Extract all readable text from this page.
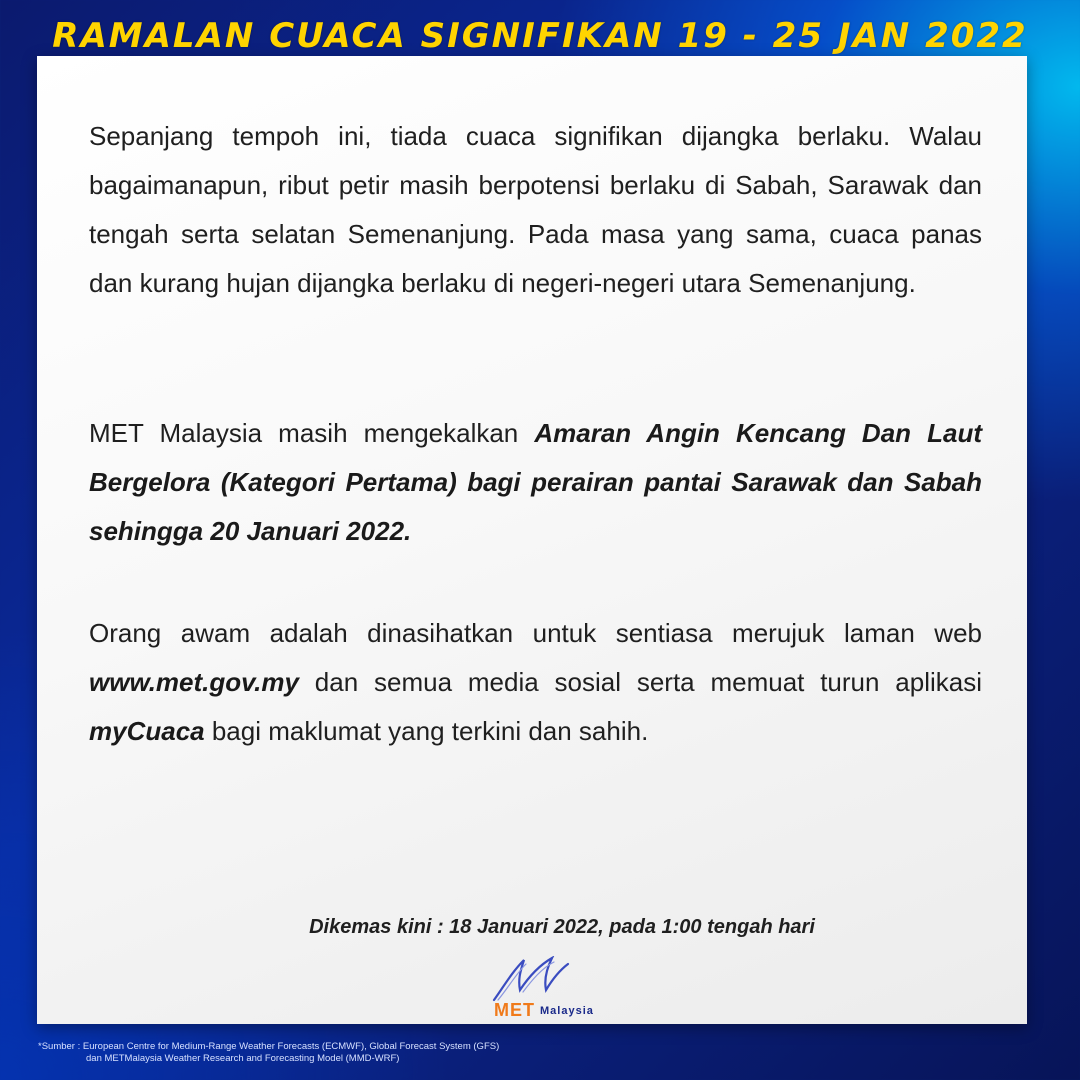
RAMALAN CUACA SIGNIFIKAN 19 - 25 JAN 2022

Sepanjang tempoh ini, tiada cuaca signifikan dijangka berlaku. Walau bagaimanapun, ribut petir masih berpotensi berlaku di Sabah, Sarawak dan tengah serta selatan Semenanjung. Pada masa yang sama, cuaca panas dan kurang hujan dijangka berlaku di negeri-negeri utara Semenanjung.

MET Malaysia masih mengekalkan Amaran Angin Kencang Dan Laut Bergelora (Kategori Pertama) bagi perairan pantai Sarawak dan Sabah sehingga 20 Januari 2022.

Orang awam adalah dinasihatkan untuk sentiasa merujuk laman web www.met.gov.my dan semua media sosial serta memuat turun aplikasi myCuaca bagi maklumat yang terkini dan sahih.

Dikemas kini : 18 Januari 2022, pada 1:00 tengah hari
MET Malaysia
*Sumber : European Centre for Medium-Range Weather Forecasts (ECMWF), Global Forecast System (GFS)
dan METMalaysia Weather Research and Forecasting Model (MMD-WRF)
